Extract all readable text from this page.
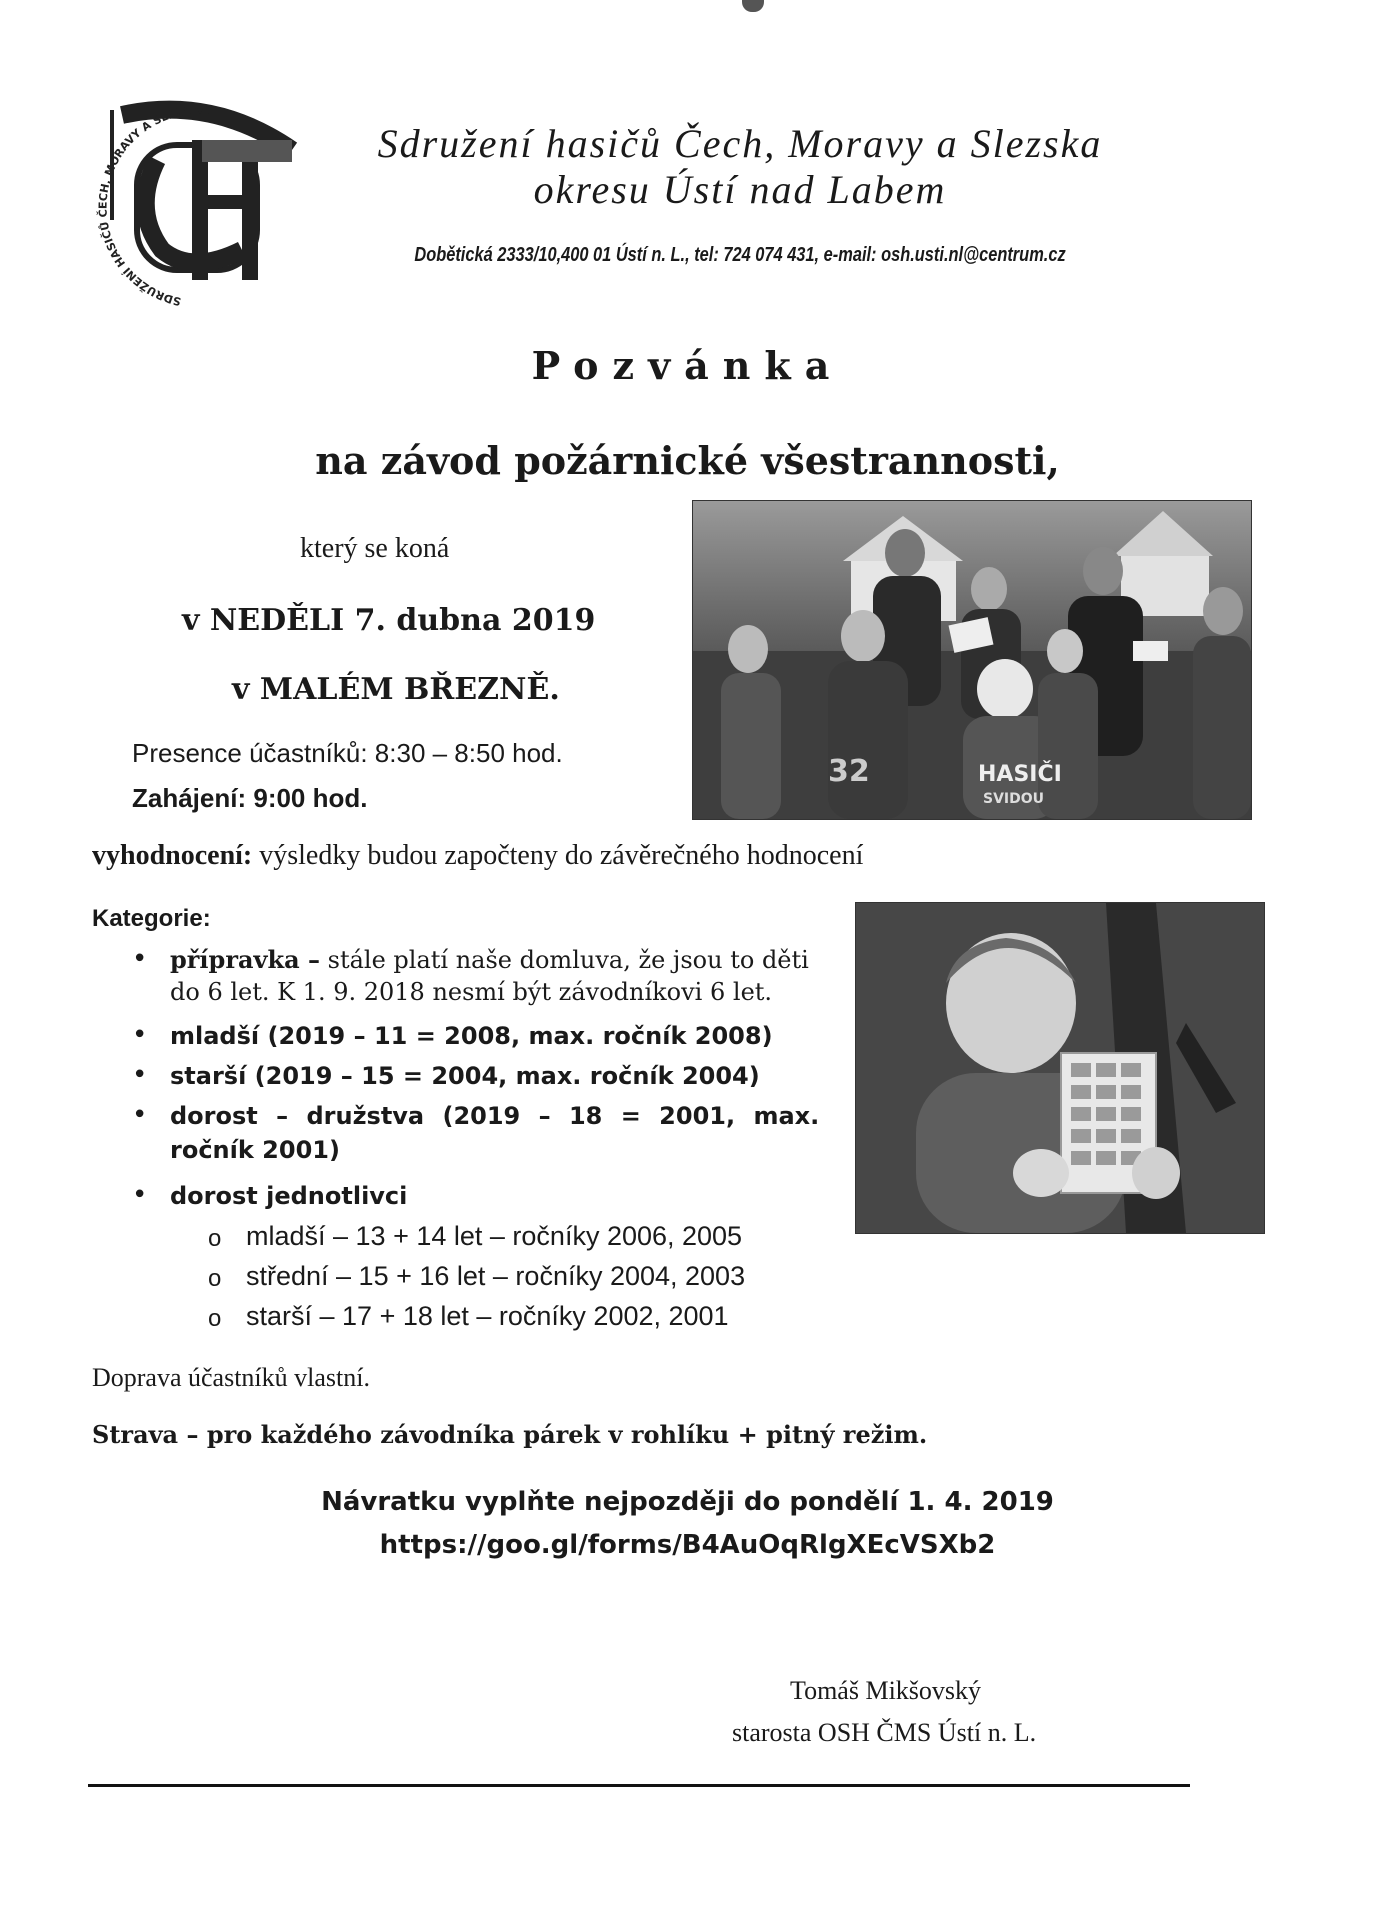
SDRUŽENÍ HASIČŮ ČECH, MORAVY A SLEZSKA
Sdružení hasičů Čech, Moravy a Slezska
okresu Ústí nad Labem
Dobětická 2333/10,400 01 Ústí n. L., tel: 724 074 431, e-mail: osh.usti.nl@centrum.cz
Pozvánka
na závod požárnické všestrannosti,
který se koná
v NEDĚLI 7. dubna 2019
v MALÉM BŘEZNĚ.
Presence účastníků: 8:30 – 8:50 hod.
Zahájení: 9:00 hod.
32	HASIČI
SVIDOU
vyhodnocení: výsledky budou započteny do závěrečného hodnocení
Kategorie:
• přípravka – stále platí naše domluva, že jsou to děti
do 6 let. K 1. 9. 2018 nesmí být závodníkovi 6 let.
• mladší (2019 – 11 = 2008, max. ročník 2008)
• starší (2019 – 15 = 2004, max. ročník 2004)
• dorost – družstva (2019 – 18 = 2001, max.
ročník 2001)
• dorost jednotlivci
o mladší – 13 + 14 let – ročníky 2006, 2005
o střední – 15 + 16 let – ročníky 2004, 2003
o starší – 17 + 18 let – ročníky 2002, 2001
Doprava účastníků vlastní.
Strava – pro každého závodníka párek v rohlíku + pitný režim.
Návratku vyplňte nejpozději do pondělí 1. 4. 2019
https://goo.gl/forms/B4AuOqRlgXEcVSXb2
Tomáš Mikšovský
starosta OSH ČMS Ústí n. L.
